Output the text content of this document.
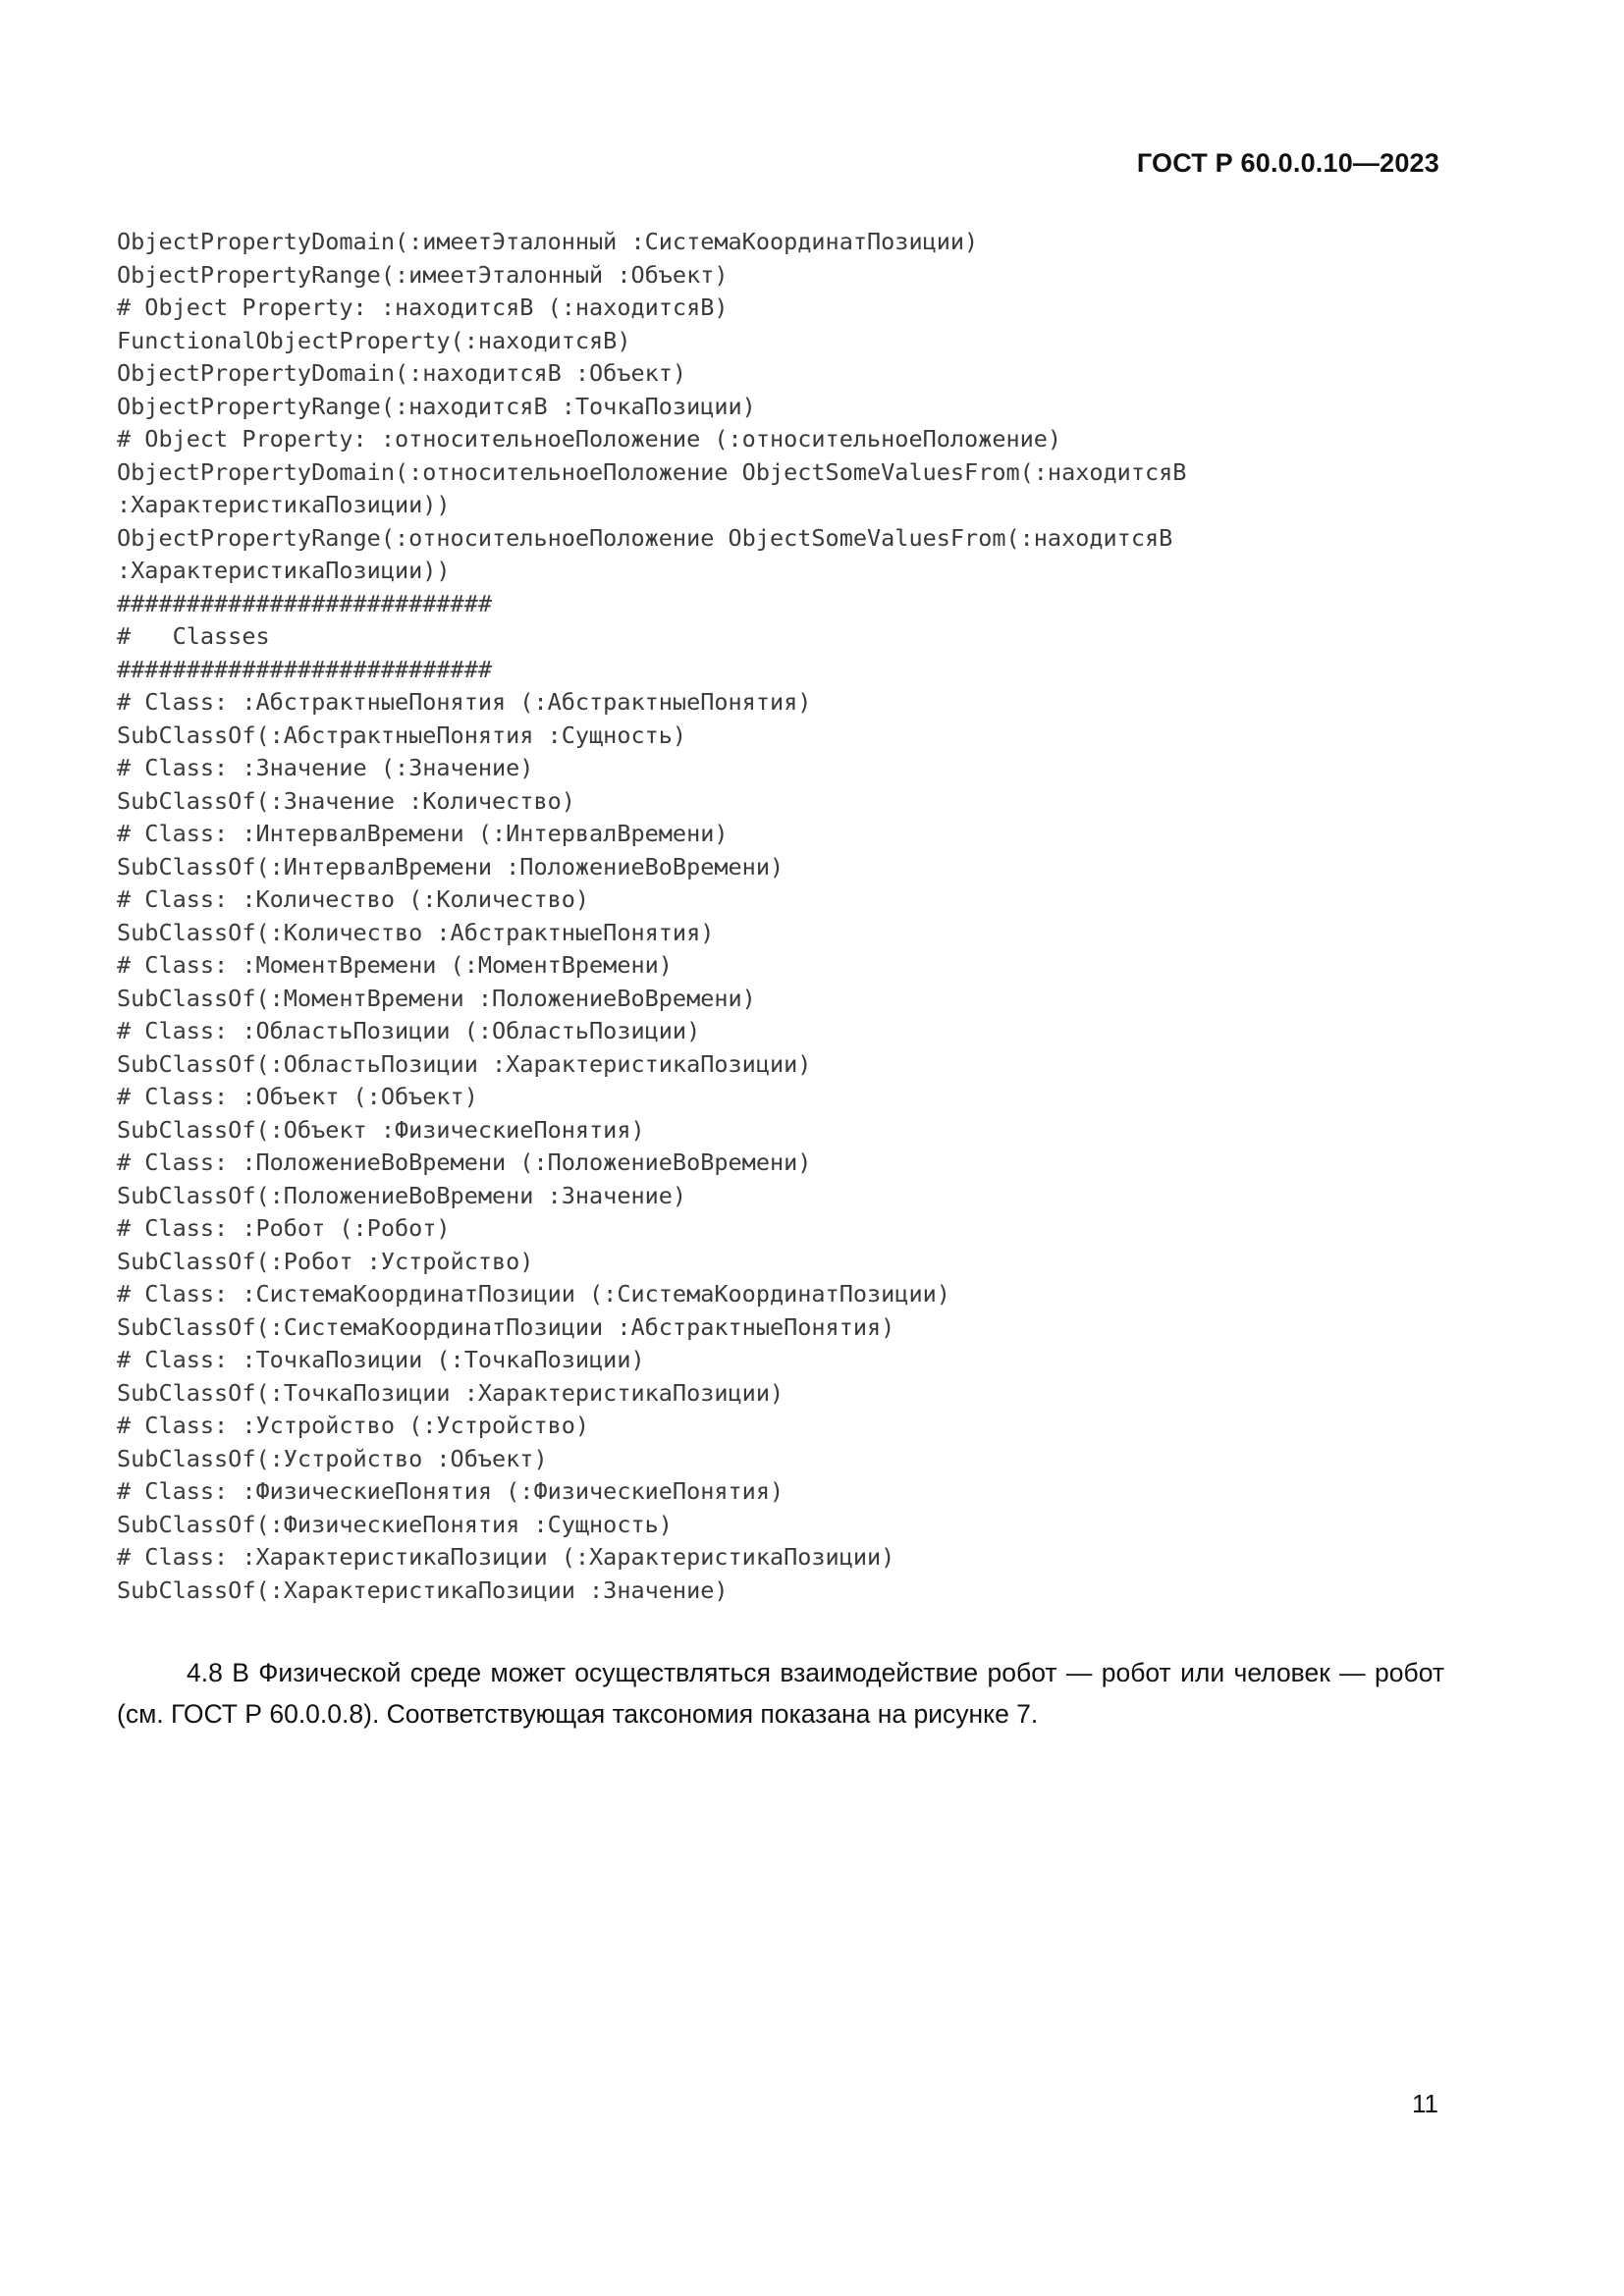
ГОСТ Р 60.0.0.10—2023
ObjectPropertyDomain(:имеетЭталонный :СистемаКоординатПозиции)
ObjectPropertyRange(:имеетЭталонный :Объект)
# Object Property: :находитсяВ (:находитсяВ)
FunctionalObjectProperty(:находитсяВ)
ObjectPropertyDomain(:находитсяВ :Объект)
ObjectPropertyRange(:находитсяВ :ТочкаПозиции)
# Object Property: :относительноеПоложение (:относительноеПоложение)
ObjectPropertyDomain(:относительноеПоложение ObjectSomeValuesFrom(:находитсяВ
:ХарактеристикаПозиции))
ObjectPropertyRange(:относительноеПоложение ObjectSomeValuesFrom(:находитсяВ
:ХарактеристикаПозиции))
###########################
#   Classes
###########################
# Class: :АбстрактныеПонятия (:АбстрактныеПонятия)
SubClassOf(:АбстрактныеПонятия :Сущность)
# Class: :Значение (:Значение)
SubClassOf(:Значение :Количество)
# Class: :ИнтервалВремени (:ИнтервалВремени)
SubClassOf(:ИнтервалВремени :ПоложениеВоВремени)
# Class: :Количество (:Количество)
SubClassOf(:Количество :АбстрактныеПонятия)
# Class: :МоментВремени (:МоментВремени)
SubClassOf(:МоментВремени :ПоложениеВоВремени)
# Class: :ОбластьПозиции (:ОбластьПозиции)
SubClassOf(:ОбластьПозиции :ХарактеристикаПозиции)
# Class: :Объект (:Объект)
SubClassOf(:Объект :ФизическиеПонятия)
# Class: :ПоложениеВоВремени (:ПоложениеВоВремени)
SubClassOf(:ПоложениеВоВремени :Значение)
# Class: :Робот (:Робот)
SubClassOf(:Робот :Устройство)
# Class: :СистемаКоординатПозиции (:СистемаКоординатПозиции)
SubClassOf(:СистемаКоординатПозиции :АбстрактныеПонятия)
# Class: :ТочкаПозиции (:ТочкаПозиции)
SubClassOf(:ТочкаПозиции :ХарактеристикаПозиции)
# Class: :Устройство (:Устройство)
SubClassOf(:Устройство :Объект)
# Class: :ФизическиеПонятия (:ФизическиеПонятия)
SubClassOf(:ФизическиеПонятия :Сущность)
# Class: :ХарактеристикаПозиции (:ХарактеристикаПозиции)
SubClassOf(:ХарактеристикаПозиции :Значение)

4.8 В Физической среде может осуществляться взаимодействие робот — робот или человек — робот (см. ГОСТ Р 60.0.0.8). Соответствующая таксономия показана на рисунке 7.

11
